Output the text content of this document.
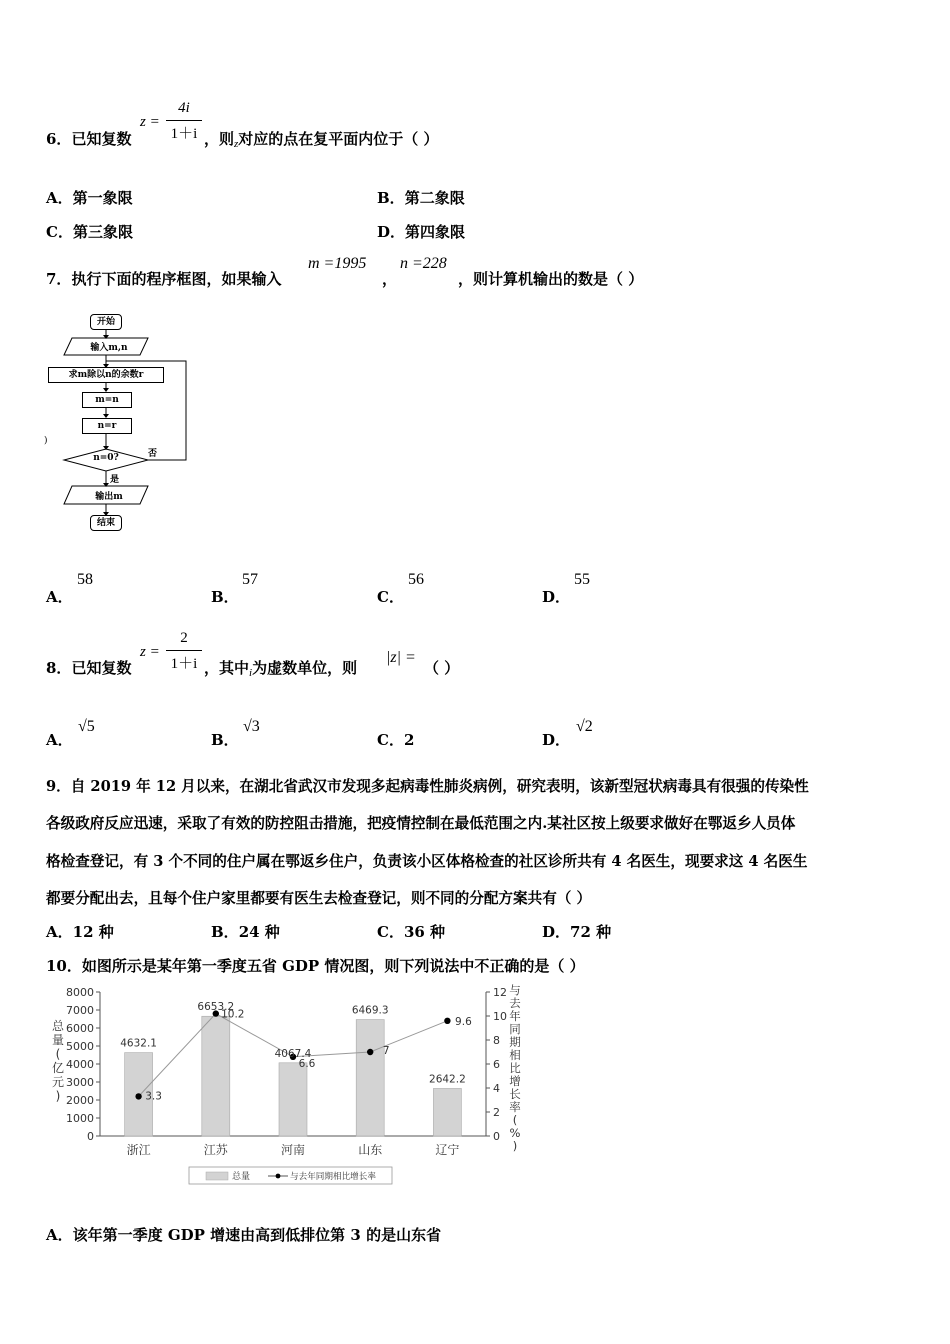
6．已知复数
z =
4i
1＋i ，则$_z$对应的点在复平面内位于（ ）
A．第一象限	B．第二象限
C．第三象限	D．第四象限
7．执行下面的程序框图，如果输入
m =1995
，
n =228
，则计算机输出的数是（ ）
开始
输入m,n
求m除以n的余数r
m=n
n=r
n=0?	否
是
输出m
结束
)
A．
58
B．
57
C．
56
D．
55
8．已知复数
z =
2
1＋i ，其中$_i$为虚数单位，则
|z| =
（ ）
A．
√5
B．
√3
C．2	D．
√2
9．自 2019 年 12 月以来，在湖北省武汉市发现多起病毒性肺炎病例，研究表明，该新型冠状病毒具有很强的传染性
各级政府反应迅速，采取了有效的防控阻击措施，把疫情控制在最低范围之内.某社区按上级要求做好在鄂返乡人员体
格检查登记，有 3 个不同的住户属在鄂返乡住户，负责该小区体格检查的社区诊所共有 4 名医生，现要求这 4 名医生
都要分配出去，且每个住户家里都要有医生去检查登记，则不同的分配方案共有（ ）
A．12 种	B．24 种	C．36 种	D．72 种
10．如图所示是某年第一季度五省 GDP 情况图，则下列说法中不正确的是（ ）
0
1000
2000
3000
4000
5000
6000
7000
8000
0
2
4
6
8
10
12
总
量
(
亿
元
)
与
去
年
同
期
相
比
增
长
率
(
%
)
4632.1
浙江
6653.2
江苏
4067.4
河南
6469.3
山东
2642.2
辽宁
3.3
10.2
6.6
7
9.6
总量	与去年同期相比增长率
A．该年第一季度 GDP 增速由高到低排位第 3 的是山东省
